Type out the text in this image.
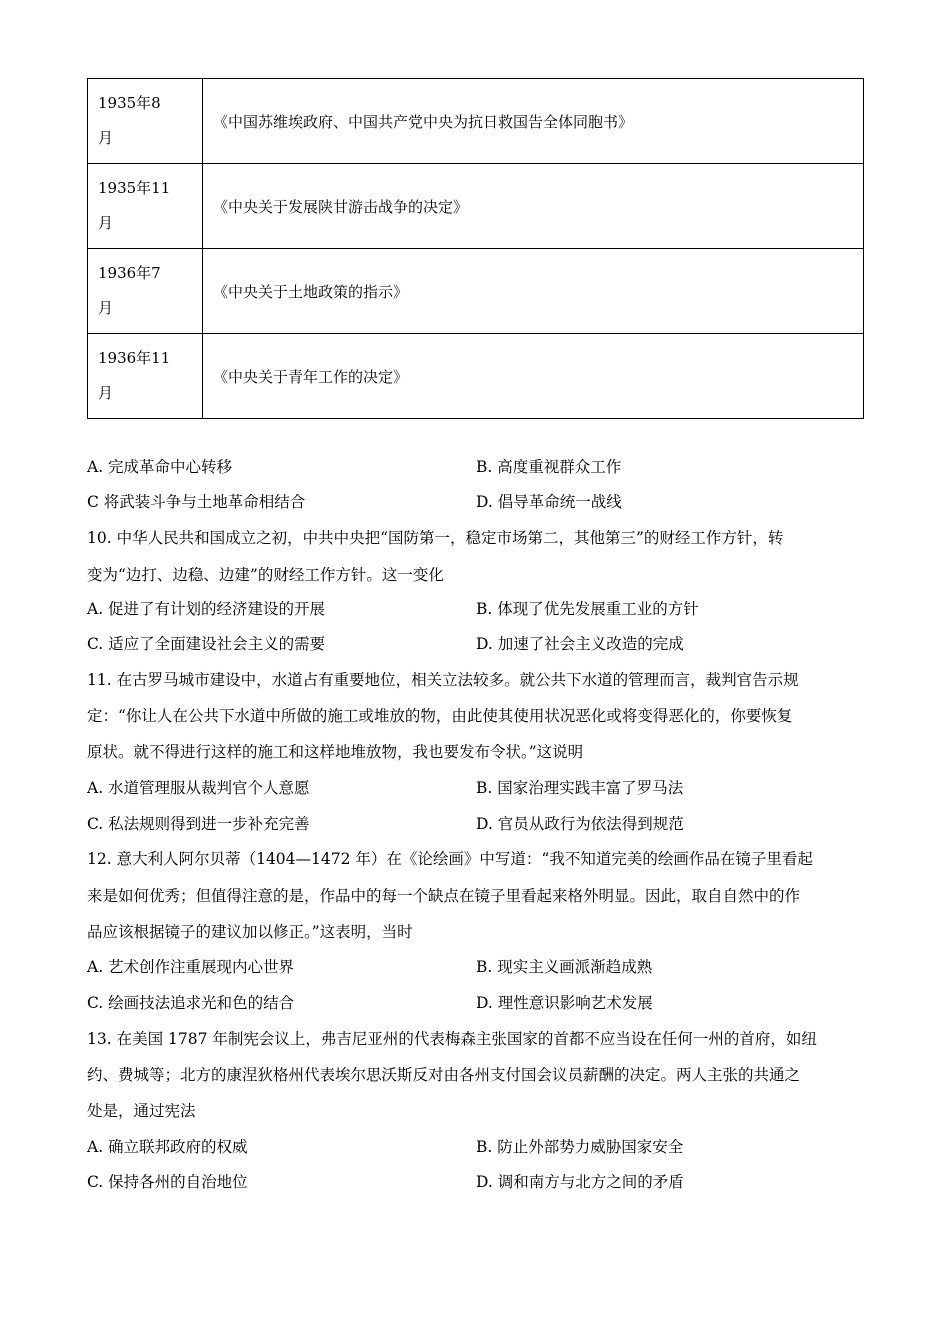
1935年8
月	《中国苏维埃政府、中国共产党中央为抗日救国告全体同胞书》
1935年11
月	《中央关于发展陕甘游击战争的决定》
1936年7
月	《中央关于土地政策的指示》
1936年11
月	《中央关于青年工作的决定》
A. 完成革命中心转移	B. 高度重视群众工作
C 将武装斗争与土地革命相结合	D. 倡导革命统一战线
10. 中华人民共和国成立之初，中共中央把“国防第一，稳定市场第二，其他第三”的财经工作方针，转
变为“边打、边稳、边建”的财经工作方针。这一变化
A. 促进了有计划的经济建设的开展	B. 体现了优先发展重工业的方针
C. 适应了全面建设社会主义的需要	D. 加速了社会主义改造的完成
11. 在古罗马城市建设中，水道占有重要地位，相关立法较多。就公共下水道的管理而言，裁判官告示规
定：“你让人在公共下水道中所做的施工或堆放的物，由此使其使用状况恶化或将变得恶化的，你要恢复
原状。就不得进行这样的施工和这样地堆放物，我也要发布令状。”这说明
A. 水道管理服从裁判官个人意愿	B. 国家治理实践丰富了罗马法
C. 私法规则得到进一步补充完善	D. 官员从政行为依法得到规范
12. 意大利人阿尔贝蒂（1404—1472 年）在《论绘画》中写道：“我不知道完美的绘画作品在镜子里看起
来是如何优秀；但值得注意的是，作品中的每一个缺点在镜子里看起来格外明显。因此，取自自然中的作
品应该根据镜子的建议加以修正。”这表明，当时
A. 艺术创作注重展现内心世界	B. 现实主义画派渐趋成熟
C. 绘画技法追求光和色的结合	D. 理性意识影响艺术发展
13. 在美国 1787 年制宪会议上，弗吉尼亚州的代表梅森主张国家的首都不应当设在任何一州的首府，如纽
约、费城等；北方的康涅狄格州代表埃尔思沃斯反对由各州支付国会议员薪酬的决定。两人主张的共通之
处是，通过宪法
A. 确立联邦政府的权威	B. 防止外部势力威胁国家安全
C. 保持各州的自治地位	D. 调和南方与北方之间的矛盾
